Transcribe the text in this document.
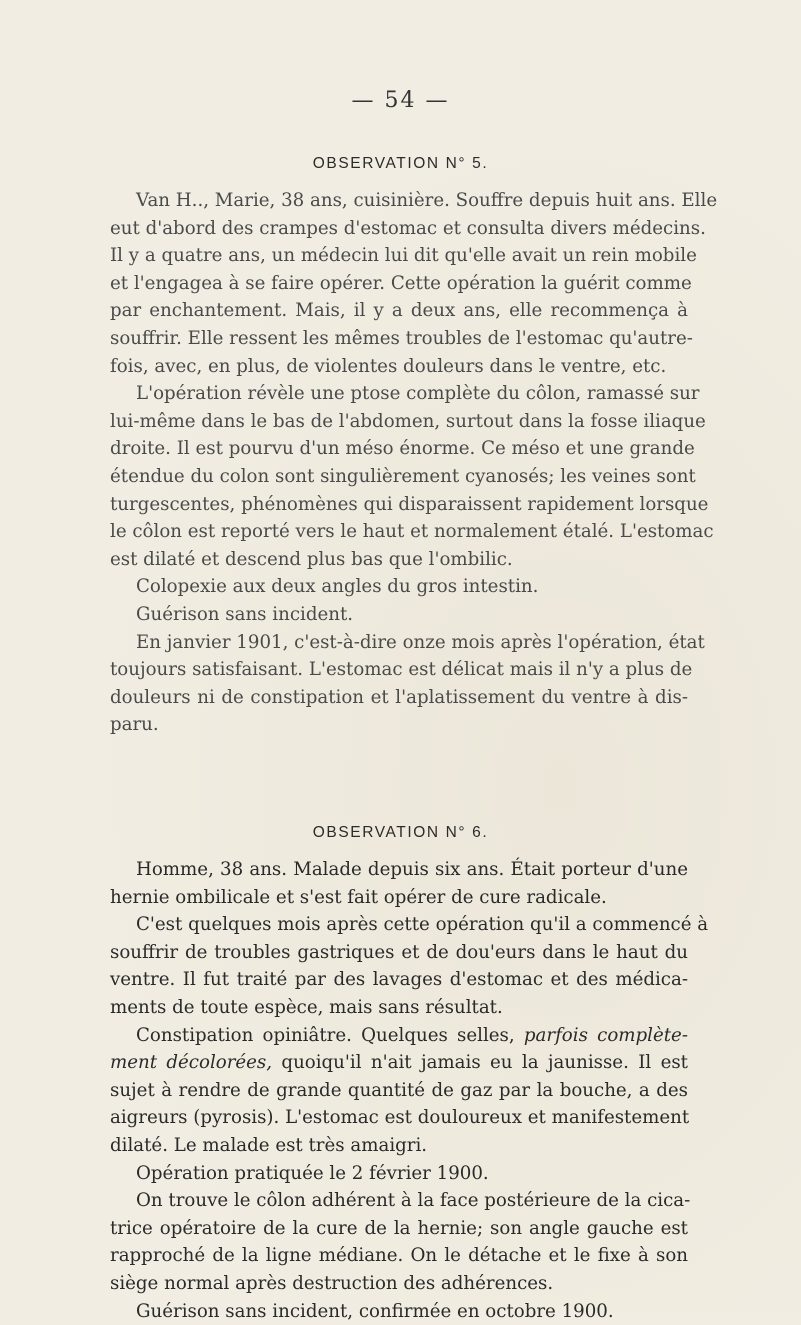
— 54 —
OBSERVATION N° 5.
Van H.., Marie, 38 ans, cuisinière. Souffre depuis huit ans. Elle
eut d'abord des crampes d'estomac et consulta divers médecins.
Il y a quatre ans, un médecin lui dit qu'elle avait un rein mobile
et l'engagea à se faire opérer. Cette opération la guérit comme
par enchantement. Mais, il y a deux ans, elle recommença à
souffrir. Elle ressent les mêmes troubles de l'estomac qu'autre-
fois, avec, en plus, de violentes douleurs dans le ventre, etc.
L'opération révèle une ptose complète du côlon, ramassé sur
lui-même dans le bas de l'abdomen, surtout dans la fosse iliaque
droite. Il est pourvu d'un méso énorme. Ce méso et une grande
étendue du colon sont singulièrement cyanosés; les veines sont
turgescentes, phénomènes qui disparaissent rapidement lorsque
le côlon est reporté vers le haut et normalement étalé. L'estomac
est dilaté et descend plus bas que l'ombilic.
Colopexie aux deux angles du gros intestin.
Guérison sans incident.
En janvier 1901, c'est-à-dire onze mois après l'opération, état
toujours satisfaisant. L'estomac est délicat mais il n'y a plus de
douleurs ni de constipation et l'aplatissement du ventre à dis-
paru.
OBSERVATION N° 6.
Homme, 38 ans. Malade depuis six ans. Était porteur d'une
hernie ombilicale et s'est fait opérer de cure radicale.
C'est quelques mois après cette opération qu'il a commencé à
souffrir de troubles gastriques et de dou'eurs dans le haut du
ventre. Il fut traité par des lavages d'estomac et des médica-
ments de toute espèce, mais sans résultat.
Constipation opiniâtre. Quelques selles, parfois complète-
ment décolorées, quoiqu'il n'ait jamais eu la jaunisse. Il est
sujet à rendre de grande quantité de gaz par la bouche, a des
aigreurs (pyrosis). L'estomac est douloureux et manifestement
dilaté. Le malade est très amaigri.
Opération pratiquée le 2 février 1900.
On trouve le côlon adhérent à la face postérieure de la cica-
trice opératoire de la cure de la hernie; son angle gauche est
rapproché de la ligne médiane. On le détache et le fixe à son
siège normal après destruction des adhérences.
Guérison sans incident, confirmée en octobre 1900.
